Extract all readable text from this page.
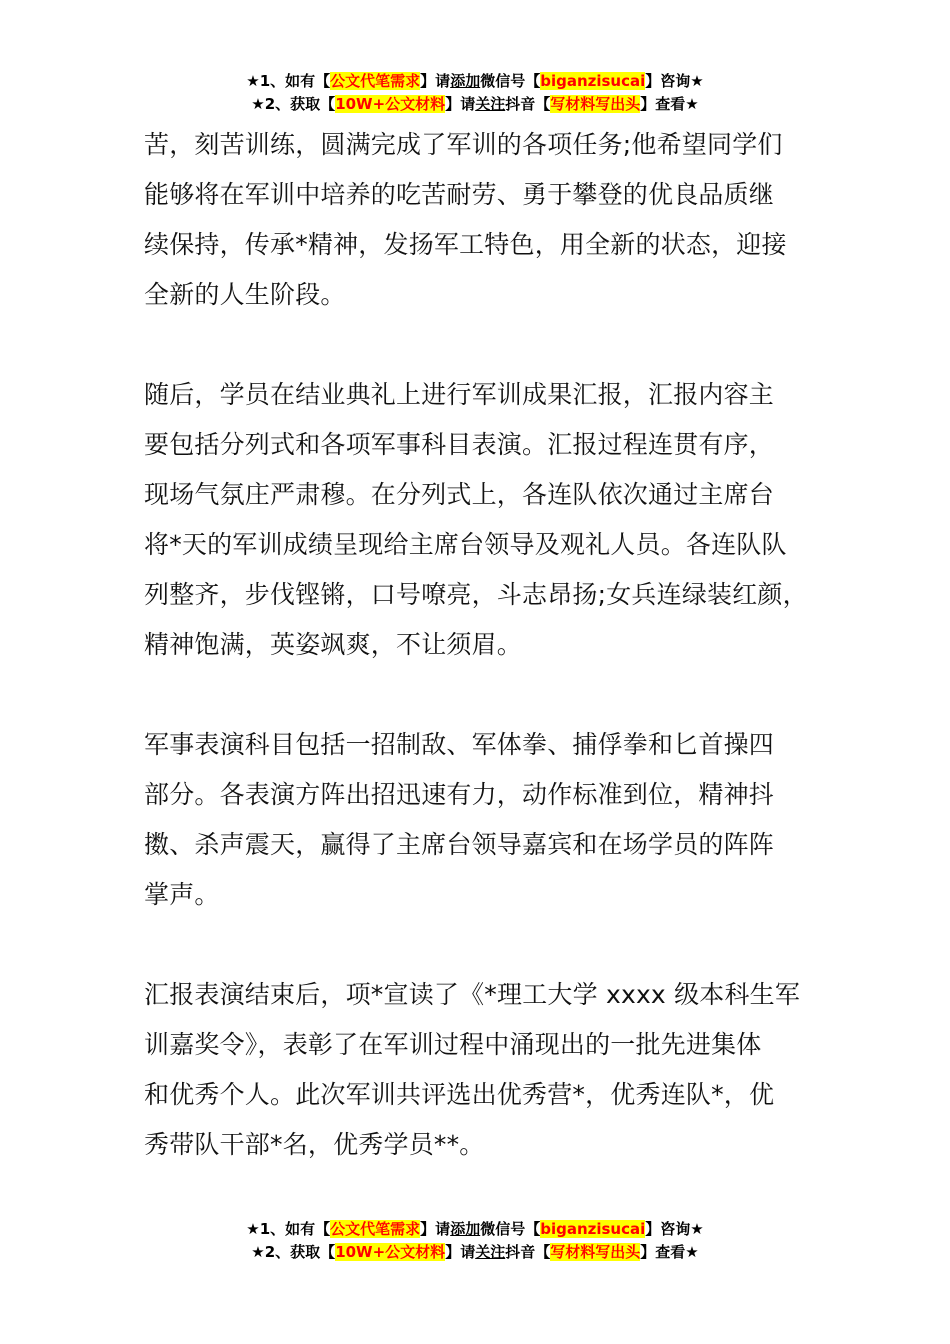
★1、如有【公文代笔需求】请添加微信号【biganzisucai】咨询★
★2、获取【10W+公文材料】请关注抖音【写材料写出头】查看★

苦，刻苦训练，圆满完成了军训的各项任务;他希望同学们
能够将在军训中培养的吃苦耐劳、勇于攀登的优良品质继
续保持，传承*精神，发扬军工特色，用全新的状态，迎接
全新的人生阶段。

随后，学员在结业典礼上进行军训成果汇报，汇报内容主
要包括分列式和各项军事科目表演。汇报过程连贯有序，
现场气氛庄严肃穆。在分列式上，各连队依次通过主席台
将*天的军训成绩呈现给主席台领导及观礼人员。各连队队
列整齐，步伐铿锵，口号嘹亮，斗志昂扬;女兵连绿装红颜，
精神饱满，英姿飒爽，不让须眉。

军事表演科目包括一招制敌、军体拳、捕俘拳和匕首操四
部分。各表演方阵出招迅速有力，动作标准到位，精神抖
擞、杀声震天，赢得了主席台领导嘉宾和在场学员的阵阵
掌声。

汇报表演结束后，项*宣读了《*理工大学 xxxx 级本科生军
训嘉奖令》，表彰了在军训过程中涌现出的一批先进集体
和优秀个人。此次军训共评选出优秀营*，优秀连队*，优
秀带队干部*名，优秀学员**。

★1、如有【公文代笔需求】请添加微信号【biganzisucai】咨询★
★2、获取【10W+公文材料】请关注抖音【写材料写出头】查看★
